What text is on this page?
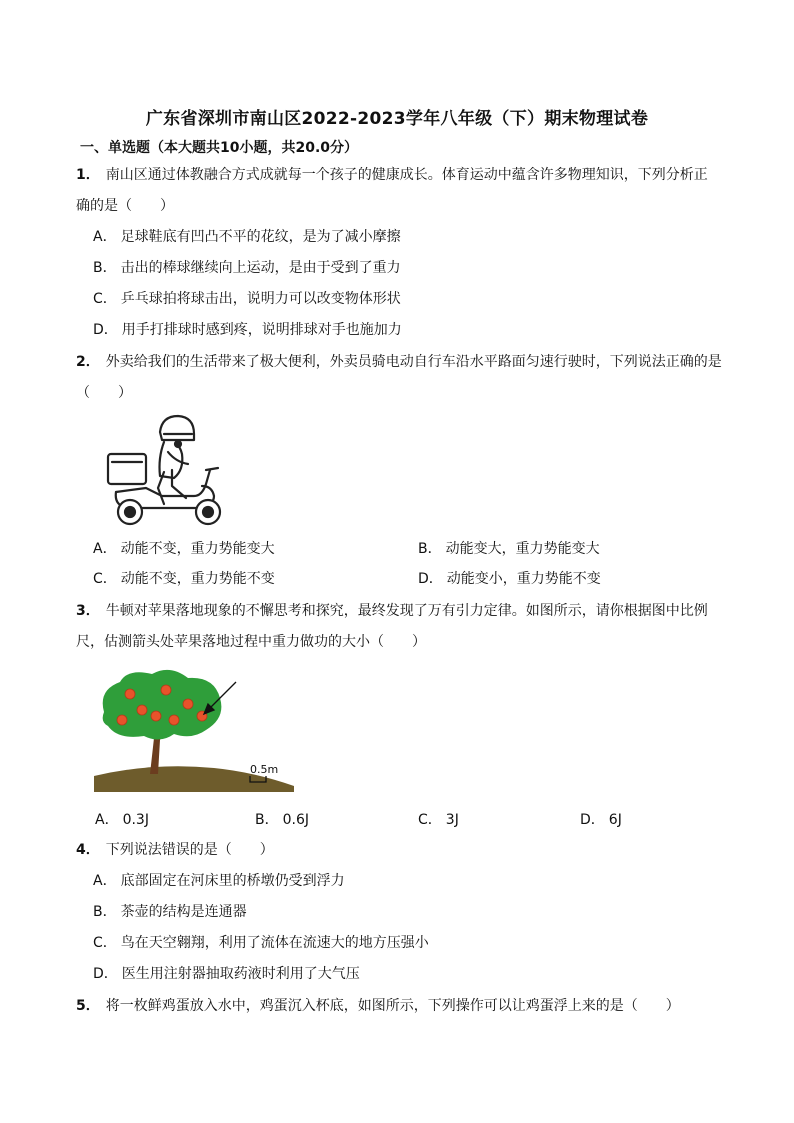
广东省深圳市南山区2022-2023学年八年级（下）期末物理试卷
一、单选题（本大题共10小题，共20.0分）
1． 南山区通过体教融合方式成就每一个孩子的健康成长。体育运动中蕴含许多物理知识，下列分析正
确的是（　　）
A． 足球鞋底有凹凸不平的花纹，是为了减小摩擦
B． 击出的棒球继续向上运动，是由于受到了重力
C． 乒乓球拍将球击出，说明力可以改变物体形状
D． 用手打排球时感到疼，说明排球对手也施加力
2． 外卖给我们的生活带来了极大便利，外卖员骑电动自行车沿水平路面匀速行驶时，下列说法正确的是
（　　）
A． 动能不变，重力势能变大	B． 动能变大，重力势能变大
C． 动能不变，重力势能不变	D． 动能变小，重力势能不变
3． 牛顿对苹果落地现象的不懈思考和探究，最终发现了万有引力定律。如图所示，请你根据图中比例
尺，估测箭头处苹果落地过程中重力做功的大小（　　）
0.5m
A． 0.3J	B． 0.6J	C． 3J	D． 6J
4． 下列说法错误的是（　　）
A． 底部固定在河床里的桥墩仍受到浮力
B． 茶壶的结构是连通器
C． 鸟在天空翱翔，利用了流体在流速大的地方压强小
D． 医生用注射器抽取药液时利用了大气压
5． 将一枚鲜鸡蛋放入水中，鸡蛋沉入杯底，如图所示，下列操作可以让鸡蛋浮上来的是（　　）
